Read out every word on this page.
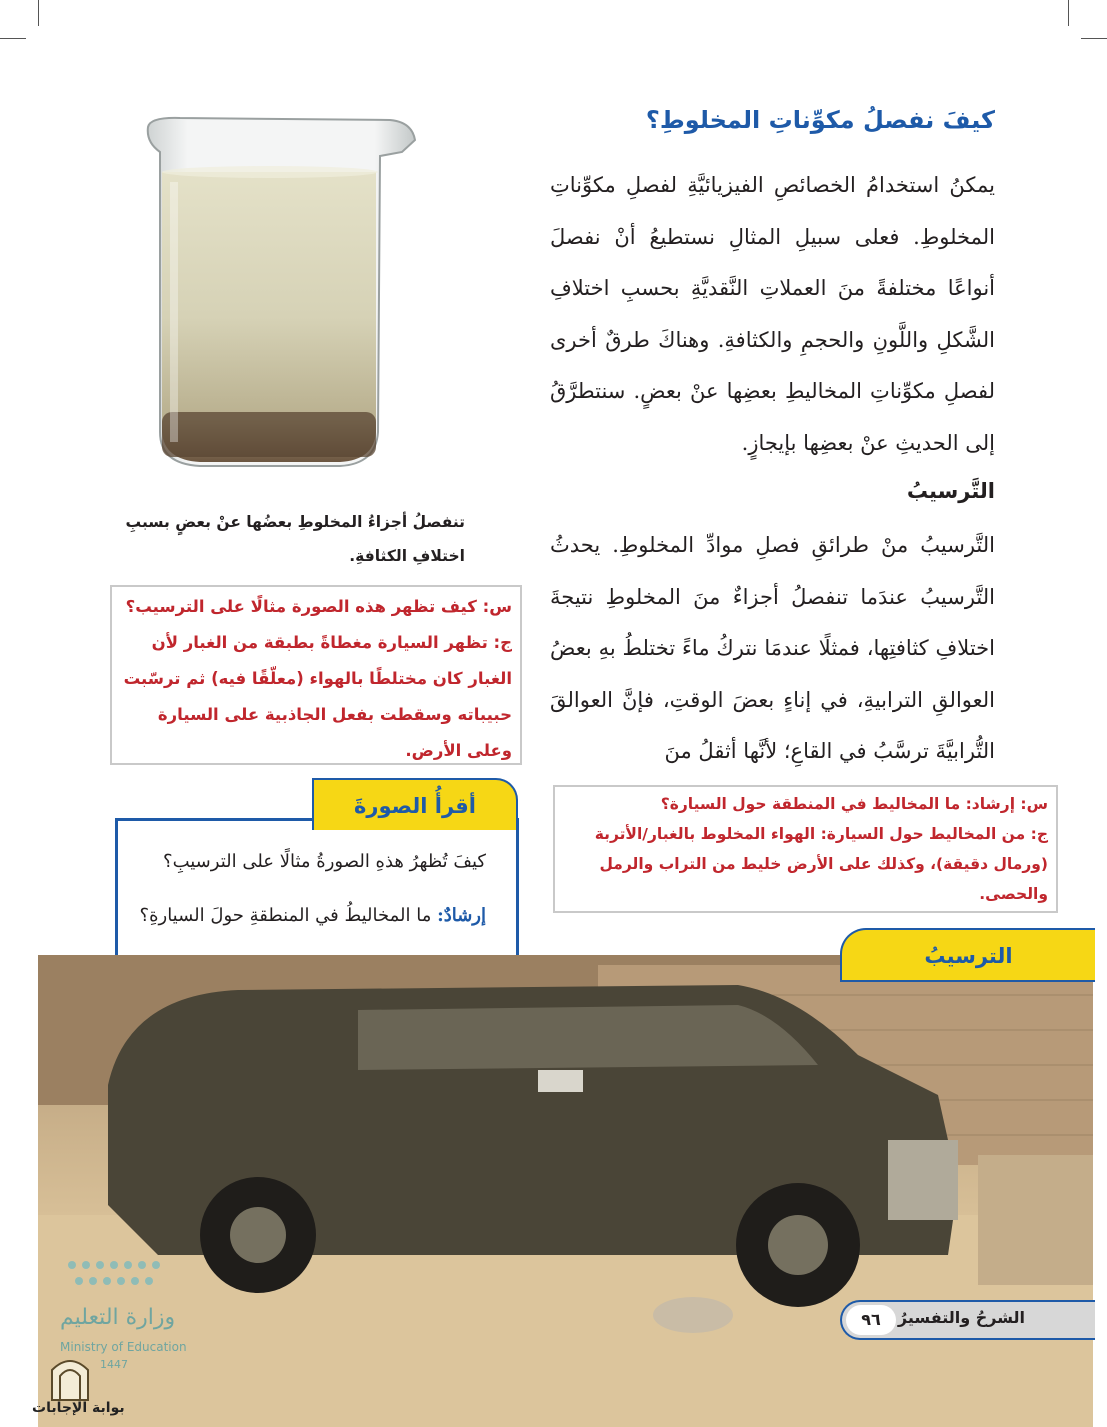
كيفَ نفصلُ مكوِّناتِ المخلوطِ؟
يمكنُ استخدامُ الخصائصِ الفيزيائيَّةِ لفصلِ مكوِّناتِ المخلوطِ. فعلى سبيلِ المثالِ نستطيعُ أنْ نفصلَ أنواعًا مختلفةً منَ العملاتِ النَّقديَّةِ بحسبِ اختلافِ الشَّكلِ واللَّونِ والحجمِ والكثافةِ. وهناكَ طرقٌ أخرى لفصلِ مكوِّناتِ المخاليطِ بعضِها عنْ بعضٍ. سنتطرَّقُ إلى الحديثِ عنْ بعضِها بإيجازٍ.
التَّرسيبُ
التَّرسيبُ منْ طرائقِ فصلِ موادِّ المخلوطِ. يحدثُ التَّرسيبُ عندَما تنفصلُ أجزاءٌ منَ المخلوطِ نتيجةَ اختلافِ كثافتِها، فمثلًا عندمَا نتركُ ماءً تختلطُ بهِ بعضُ العوالقِ الترابيةِ، في إناءٍ بعضَ الوقتِ، فإنَّ العوالقَ التُّرابيَّةَ ترسَّبُ في القاعِ؛ لأنَّها أثقلُ منَ
تنفصلُ أجزاءُ المخلوطِ بعضُها عنْ بعضٍ بسببِ اختلافِ الكثافةِ.
س: كيف تظهر هذه الصورة مثالًا على الترسيب؟
ج: تظهر السيارة مغطاةً بطبقة من الغبار لأن الغبار كان مختلطًا بالهواء (معلّقًا فيه) ثم ترسّبت حبيباته وسقطت بفعل الجاذبية على السيارة وعلى الأرض.
كيفَ تُظهرُ هذهِ الصورةُ مثالًا على الترسيبِ؟
إرشادٌ: ما المخاليطُ في المنطقةِ حولَ السيارةِ؟
أقرأُ الصورةَ
الترسيبُ
س: إرشاد: ما المخاليط في المنطقة حول السيارة؟
ج: من المخاليط حول السيارة: الهواء المخلوط بالغبار/الأتربة (ورمال دقيقة)، وكذلك على الأرض خليط من التراب والرمل والحصى.
الشرحُ والتفسيرُ
٩٦
وزارة التعليم
Ministry of Education
1447
بوابة الإجابات
